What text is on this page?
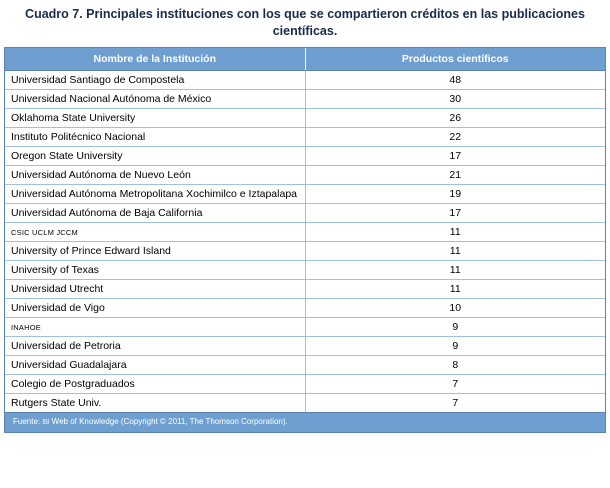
Cuadro 7. Principales instituciones con los que se compartieron créditos en las publicaciones científicas.
Nombre de la Institución	Productos científicos
Universidad Santiago de Compostela	48
Universidad Nacional Autónoma de México	30
Oklahoma State University	26
Instituto Politécnico Nacional	22
Oregon State University	17
Universidad Autónoma de Nuevo León	21
Universidad Autónoma Metropolitana Xochimilco e Iztapalapa	19
Universidad Autónoma de Baja California	17
CSIC UCLM JCCM	11
University of Prince Edward Island	11
University of Texas	11
Universidad Utrecht	11
Universidad de Vigo	10
INAHOE	9
Universidad de Petroria	9
Universidad Guadalajara	8
Colegio de Postgraduados	7
Rutgers State Univ.	7
Fuente: ISI Web of Knowledge (Copyright © 2011, The Thomson Corporation).
